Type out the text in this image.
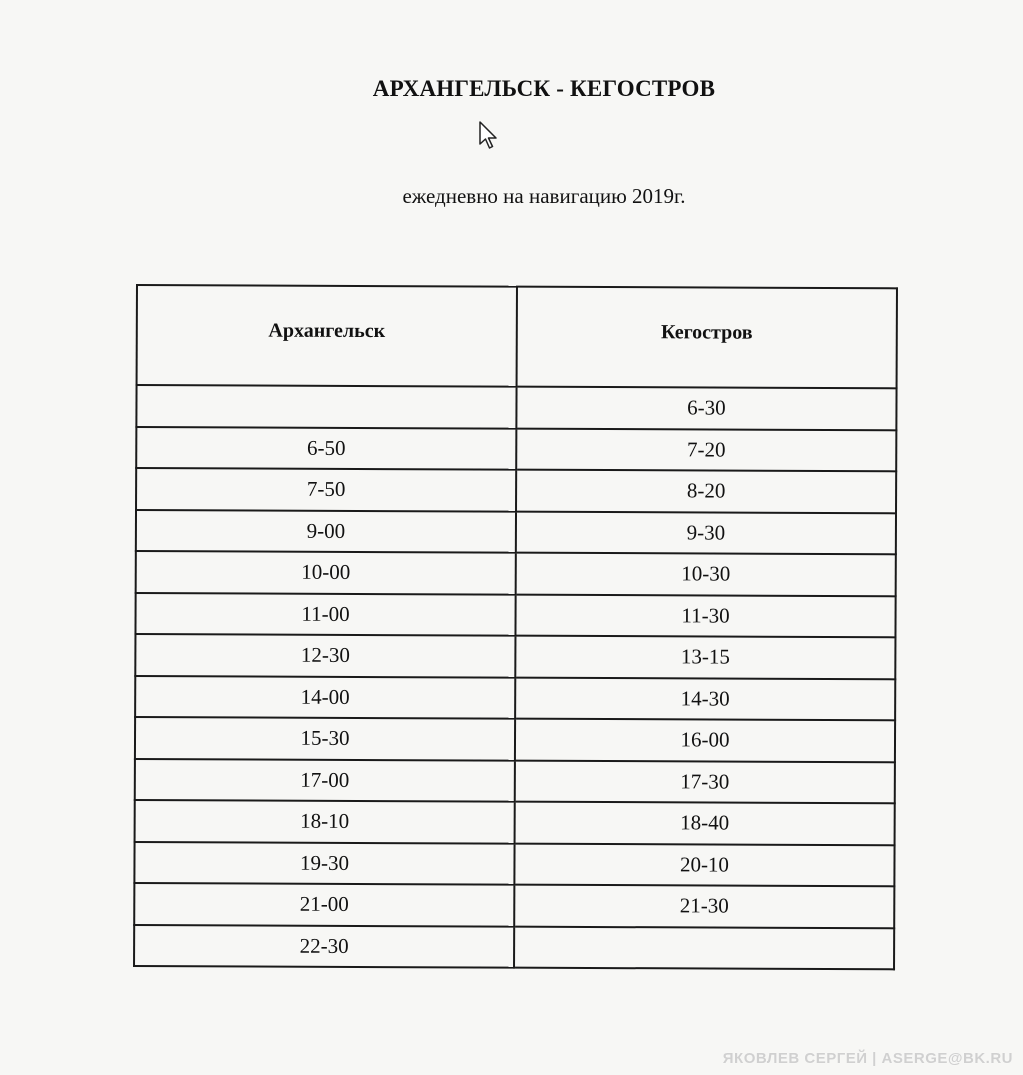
АРХАНГЕЛЬСК - КЕГОСТРОВ
ежедневно на навигацию 2019г.
Архангельск	Кегостров
	6-30
6-50	7-20
7-50	8-20
9-00	9-30
10-00	10-30
11-00	11-30
12-30	13-15
14-00	14-30
15-30	16-00
17-00	17-30
18-10	18-40
19-30	20-10
21-00	21-30
22-30	
ЯКОВЛЕВ СЕРГЕЙ | ASERGE@BK.RU
